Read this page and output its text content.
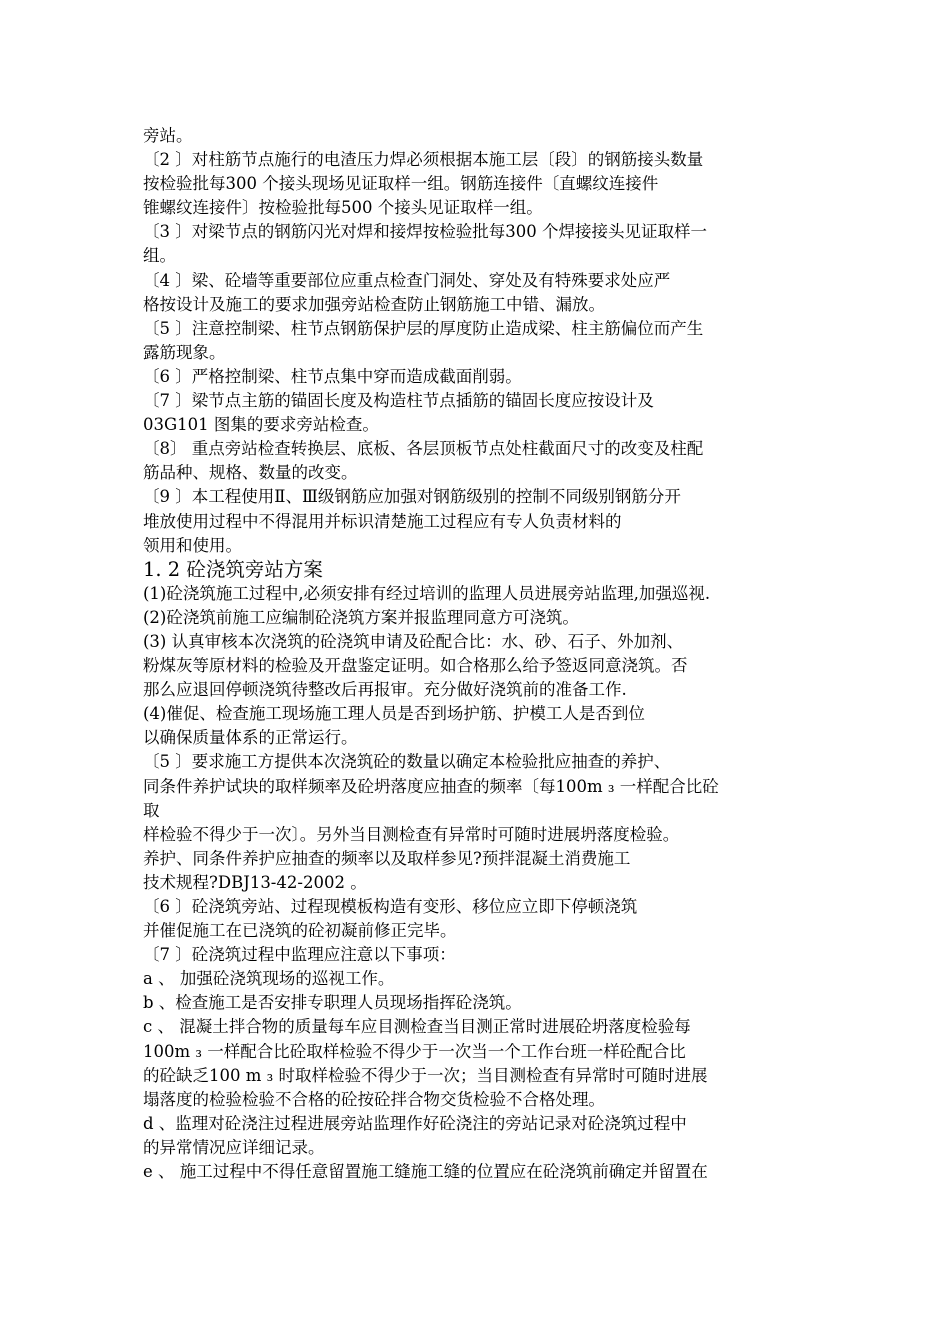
旁站。
〔2 〕对柱筋节点施行的电渣压力焊必须根据本施工层〔段〕的钢筋接头数量
按检验批每300 个接头现场见证取样一组。钢筋连接件〔直螺纹连接件
锥螺纹连接件〕按检验批每500 个接头见证取样一组。
〔3 〕对梁节点的钢筋闪光对焊和接焊按检验批每300 个焊接接头见证取样一
组。
〔4 〕梁、砼墙等重要部位应重点检查门洞处、穿处及有特殊要求处应严
格按设计及施工的要求加强旁站检查防止钢筋施工中错、漏放。
〔5 〕注意控制梁、柱节点钢筋保护层的厚度防止造成梁、柱主筋偏位而产生
露筋现象。
〔6 〕严格控制梁、柱节点集中穿而造成截面削弱。
〔7 〕梁节点主筋的锚固长度及构造柱节点插筋的锚固长度应按设计及
03G101 图集的要求旁站检查。
〔8〕 重点旁站检查转换层、底板、各层顶板节点处柱截面尺寸的改变及柱配
筋品种、规格、数量的改变。
〔9 〕本工程使用Ⅱ、Ⅲ级钢筋应加强对钢筋级别的控制不同级别钢筋分开
堆放使用过程中不得混用并标识清楚施工过程应有专人负责材料的
领用和使用。
1. 2 砼浇筑旁站方案
(1)砼浇筑施工过程中,必须安排有经过培训的监理人员进展旁站监理,加强巡视.
(2)砼浇筑前施工应编制砼浇筑方案并报监理同意方可浇筑。
(3) 认真审核本次浇筑的砼浇筑申请及砼配合比：水、砂、石子、外加剂、
粉煤灰等原材料的检验及开盘鉴定证明。如合格那么给予签返同意浇筑。否
那么应退回停顿浇筑待整改后再报审。充分做好浇筑前的准备工作.
(4)催促、检查施工现场施工理人员是否到场护筋、护模工人是否到位
以确保质量体系的正常运行。
〔5 〕要求施工方提供本次浇筑砼的数量以确定本检验批应抽查的养护、
同条件养护试块的取样频率及砼坍落度应抽查的频率〔每100m ₃ 一样配合比砼
取
样检验不得少于一次〕。另外当目测检查有异常时可随时进展坍落度检验。
养护、同条件养护应抽查的频率以及取样参见?预拌混凝土消费施工
技术规程?DBJ13-42-2002 。
〔6 〕砼浇筑旁站、过程现模板构造有变形、移位应立即下停顿浇筑
并催促施工在已浇筑的砼初凝前修正完毕。
〔7 〕砼浇筑过程中监理应注意以下事项：
a 、 加强砼浇筑现场的巡视工作。
b 、检查施工是否安排专职理人员现场指挥砼浇筑。
c 、 混凝土拌合物的质量每车应目测检查当目测正常时进展砼坍落度检验每
100m ₃ 一样配合比砼取样检验不得少于一次当一个工作台班一样砼配合比
的砼缺乏100 m ₃ 时取样检验不得少于一次；当目测检查有异常时可随时进展
塌落度的检验检验不合格的砼按砼拌合物交货检验不合格处理。
d 、监理对砼浇注过程进展旁站监理作好砼浇注的旁站记录对砼浇筑过程中
的异常情况应详细记录。
e 、 施工过程中不得任意留置施工缝施工缝的位置应在砼浇筑前确定并留置在
